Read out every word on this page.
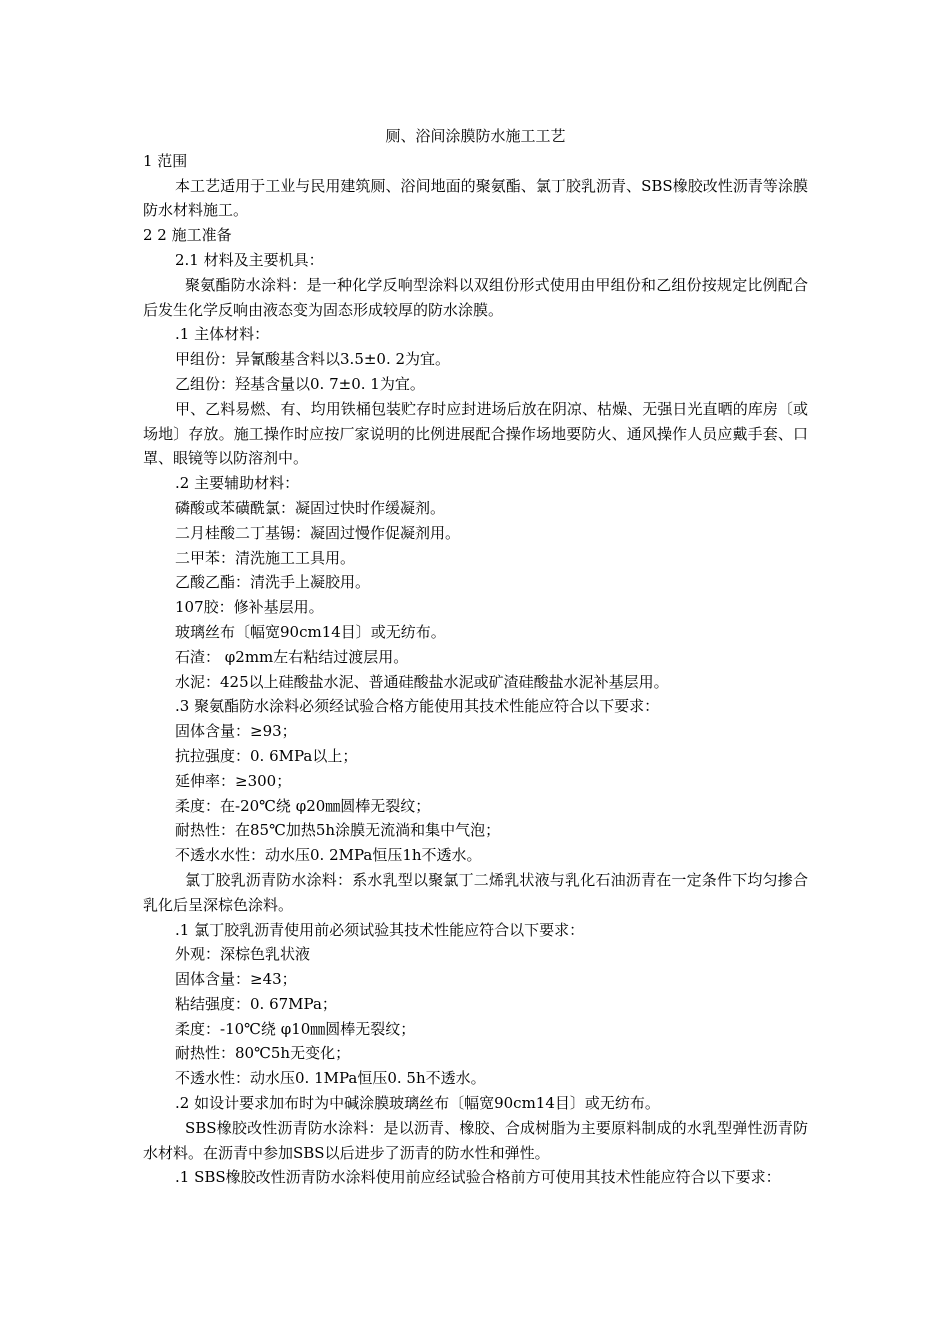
厕、浴间涂膜防水施工工艺

1 范围

本工艺适用于工业与民用建筑厕、浴间地面的聚氨酯、氯丁胶乳沥青、SBS橡胶改性沥青等涂膜防水材料施工。

2 2 施工准备

2.1 材料及主要机具：

聚氨酯防水涂料：是一种化学反响型涂料以双组份形式使用由甲组份和乙组份按规定比例配合后发生化学反响由液态变为固态形成较厚的防水涂膜。

.1 主体材料：

甲组份：异氰酸基含料以3.5±0. 2为宜。

乙组份：羟基含量以0. 7±0. 1为宜。

甲、乙料易燃、有、均用铁桶包装贮存时应封进场后放在阴凉、枯燥、无强日光直晒的库房〔或场地〕存放。施工操作时应按厂家说明的比例进展配合操作场地要防火、通风操作人员应戴手套、口罩、眼镜等以防溶剂中。

.2 主要辅助材料：

磷酸或苯磺酰氯：凝固过快时作缓凝剂。

二月桂酸二丁基锡：凝固过慢作促凝剂用。

二甲苯：清洗施工工具用。

乙酸乙酯：清洗手上凝胶用。

107胶：修补基层用。

玻璃丝布〔幅宽90cm14目〕或无纺布。

石渣： φ2mm左右粘结过渡层用。

水泥：425以上硅酸盐水泥、普通硅酸盐水泥或矿渣硅酸盐水泥补基层用。

.3 聚氨酯防水涂料必须经试验合格方能使用其技术性能应符合以下要求：

固体含量：≥93；

抗拉强度：0. 6MPa以上；

延伸率：≥300；

柔度：在-20℃绕 φ20㎜圆棒无裂纹；

耐热性：在85℃加热5h涂膜无流淌和集中气泡；

不透水水性：动水压0. 2MPa恒压1h不透水。

氯丁胶乳沥青防水涂料：系水乳型以聚氯丁二烯乳状液与乳化石油沥青在一定条件下均匀掺合乳化后呈深棕色涂料。

.1 氯丁胶乳沥青使用前必须试验其技术性能应符合以下要求：

外观：深棕色乳状液

固体含量：≥43；

粘结强度：0. 67MPa；

柔度：-10℃绕 φ10㎜圆棒无裂纹；

耐热性：80℃5h无变化；

不透水性：动水压0. 1MPa恒压0. 5h不透水。

.2 如设计要求加布时为中碱涂膜玻璃丝布〔幅宽90cm14目〕或无纺布。

SBS橡胶改性沥青防水涂料：是以沥青、橡胶、合成树脂为主要原料制成的水乳型弹性沥青防水材料。在沥青中参加SBS以后进步了沥青的防水性和弹性。

.1 SBS橡胶改性沥青防水涂料使用前应经试验合格前方可使用其技术性能应符合以下要求：
